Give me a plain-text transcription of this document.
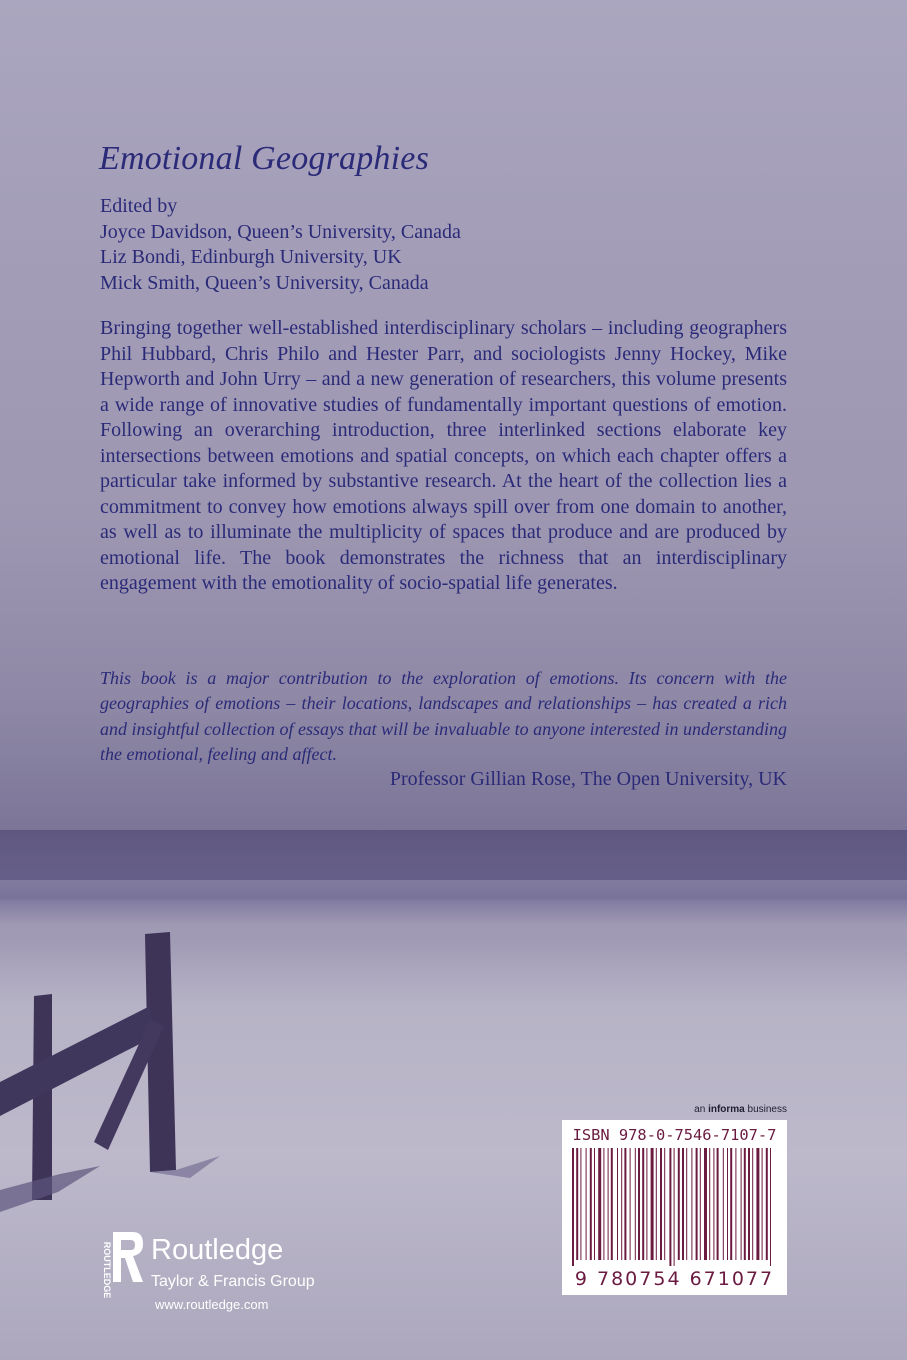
Emotional Geographies
Edited by
Joyce Davidson, Queen’s University, Canada
Liz Bondi, Edinburgh University, UK
Mick Smith, Queen’s University, Canada

Bringing together well-established interdisciplinary scholars – including geographers Phil Hubbard, Chris Philo and Hester Parr, and sociologists Jenny Hockey, Mike Hepworth and John Urry – and a new generation of researchers, this volume presents a wide range of innovative studies of fundamentally important questions of emotion. Following an overarching introduction, three interlinked sections elaborate key intersections between emotions and spatial concepts, on which each chapter offers a particular take informed by substantive research. At the heart of the collection lies a commitment to convey how emotions always spill over from one domain to another, as well as to illuminate the multiplicity of spaces that produce and are produced by emotional life. The book demonstrates the richness that an interdisciplinary engagement with the emotionality of socio-spatial life generates.

This book is a major contribution to the exploration of emotions. Its concern with the geographies of emotions – their locations, landscapes and relationships – has created a rich and insightful collection of essays that will be invaluable to anyone interested in understanding the emotional, feeling and affect.

Professor Gillian Rose, The Open University, UK
an informa business
ISBN 978-0-7546-7107-7
9 780754 671077
ROUTLEDGE Routledge
Taylor & Francis Group
www.routledge.com
